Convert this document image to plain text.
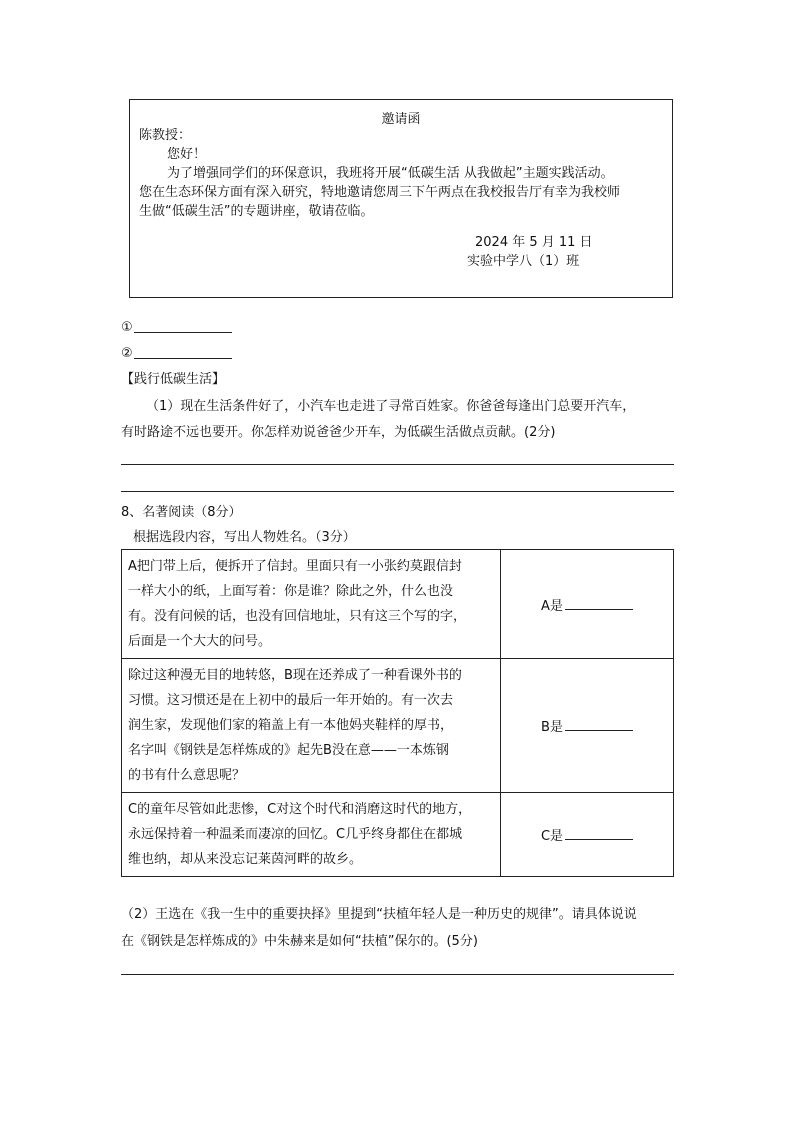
邀请函
陈教授：
您好！
为了增强同学们的环保意识，我班将开展“低碳生活 从我做起”主题实践活动。
您在生态环保方面有深入研究，特地邀请您周三下午两点在我校报告厅有幸为我校师
生做“低碳生活”的专题讲座，敬请莅临。
2024 年 5 月 11 日
实验中学八（1）班
①
②
【践行低碳生活】
（1）现在生活条件好了，小汽车也走进了寻常百姓家。你爸爸每逢出门总要开汽车，
有时路途不远也要开。你怎样劝说爸爸少开车，为低碳生活做点贡献。(2分)
8、名著阅读（8分）
根据选段内容，写出人物姓名。（3分）
A把门带上后，便拆开了信封。里面只有一小张约莫跟信封
一样大小的纸，上面写着：你是谁？除此之外，什么也没
有。没有问候的话，也没有回信地址，只有这三个写的字，
后面是一个大大的问号。	A是

除过这种漫无目的地转悠，B现在还养成了一种看课外书的
习惯。这习惯还是在上初中的最后一年开始的。有一次去
润生家，发现他们家的箱盖上有一本他妈夹鞋样的厚书，
名字叫《钢铁是怎样炼成的》起先B没在意——一本炼钢
的书有什么意思呢？	B是

C的童年尽管如此悲惨，C对这个时代和消磨这时代的地方，
永远保持着一种温柔而凄凉的回忆。C几乎终身都住在都城
维也纳，却从来没忘记莱茵河畔的故乡。	C是
（2）王选在《我一生中的重要抉择》里提到“扶植年轻人是一种历史的规律”。请具体说说
在《钢铁是怎样炼成的》中朱赫来是如何“扶植”保尔的。(5分)
